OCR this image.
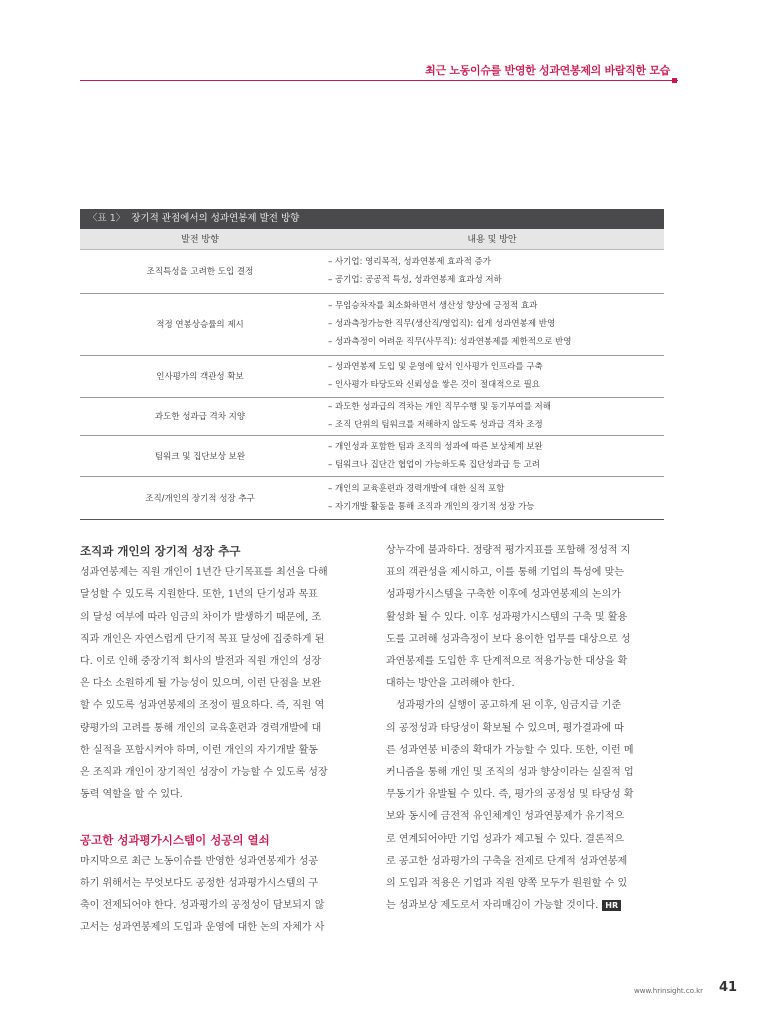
최근 노동이슈를 반영한 성과연봉제의 바람직한 모습
〈표 1〉 장기적 관점에서의 성과연봉제 발전 방향
발전 방향	내용 및 방안
조직특성을 고려한 도입 결정	– 사기업: 영리목적, 성과연봉제 효과적 증가
– 공기업: 공공적 특성, 성과연봉제 효과성 저하

적정 연봉상승률의 제시	– 무임승차자를 최소화하면서 생산성 향상에 긍정적 효과
– 성과측정가능한 직무(생산직/영업직): 쉽게 성과연봉제 반영
– 성과측정이 어려운 직무(사무직): 성과연봉제를 제한적으로 반영

인사평가의 객관성 확보	– 성과연봉제 도입 및 운영에 앞서 인사평가 인프라를 구축
– 인사평가 타당도와 신뢰성을 쌓은 것이 절대적으로 필요

과도한 성과급 격차 지양	– 과도한 성과급의 격차는 개인 직무수행 및 동기부여를 저해
– 조직 단위의 팀워크를 저해하지 않도록 성과급 격차 조정

팀워크 및 집단보상 보완	– 개인성과 포함한 팀과 조직의 성과에 따른 보상체계 보완
– 팀워크나 집단간 협업이 가능하도록 집단성과급 등 고려

조직/개인의 장기적 성장 추구	– 개인의 교육훈련과 경력개발에 대한 실적 포함
– 자기개발 활동을 통해 조직과 개인의 장기적 성장 가능
조직과 개인의 장기적 성장 추구
성과연봉제는 직원 개인이 1년간 단기목표를 최선을 다해
달성할 수 있도록 지원한다. 또한, 1년의 단기성과 목표
의 달성 여부에 따라 임금의 차이가 발생하기 때문에, 조
직과 개인은 자연스럽게 단기적 목표 달성에 집중하게 된
다. 이로 인해 중장기적 회사의 발전과 직원 개인의 성장
은 다소 소원하게 될 가능성이 있으며, 이런 단점을 보완
할 수 있도록 성과연봉제의 조정이 필요하다. 즉, 직원 역
량평가의 고려를 통해 개인의 교육훈련과 경력개발에 대
한 실적을 포함시켜야 하며, 이런 개인의 자기개발 활동
은 조직과 개인이 장기적인 성장이 가능할 수 있도록 성장
동력 역할을 할 수 있다.
공고한 성과평가시스템이 성공의 열쇠
마지막으로 최근 노동이슈를 반영한 성과연봉제가 성공
하기 위해서는 무엇보다도 공정한 성과평가시스템의 구
축이 전제되어야 한다. 성과평가의 공정성이 담보되지 않
고서는 성과연봉제의 도입과 운영에 대한 논의 자체가 사
상누각에 불과하다. 정량적 평가지표를 포함해 정성적 지
표의 객관성을 제시하고, 이를 통해 기업의 특성에 맞는
성과평가시스템을 구축한 이후에 성과연봉제의 논의가
활성화 될 수 있다. 이후 성과평가시스템의 구축 및 활용
도를 고려해 성과측정이 보다 용이한 업무를 대상으로 성
과연봉제를 도입한 후 단계적으로 적용가능한 대상을 확
대하는 방안을 고려해야 한다.
성과평가의 실행이 공고하게 된 이후, 임금지급 기준
의 공정성과 타당성이 확보될 수 있으며, 평가결과에 따
른 성과연봉 비중의 확대가 가능할 수 있다. 또한, 이런 메
커니즘을 통해 개인 및 조직의 성과 향상이라는 실질적 업
무동기가 유발될 수 있다. 즉, 평가의 공정성 및 타당성 확
보와 동시에 금전적 유인체계인 성과연봉제가 유기적으
로 연계되어야만 기업 성과가 제고될 수 있다. 결론적으
로 공고한 성과평가의 구축을 전제로 단계적 성과연봉제
의 도입과 적용은 기업과 직원 양쪽 모두가 원원할 수 있
는 성과보상 제도로서 자리매김이 가능할 것이다. HR
www.hrinsight.co.kr 41
